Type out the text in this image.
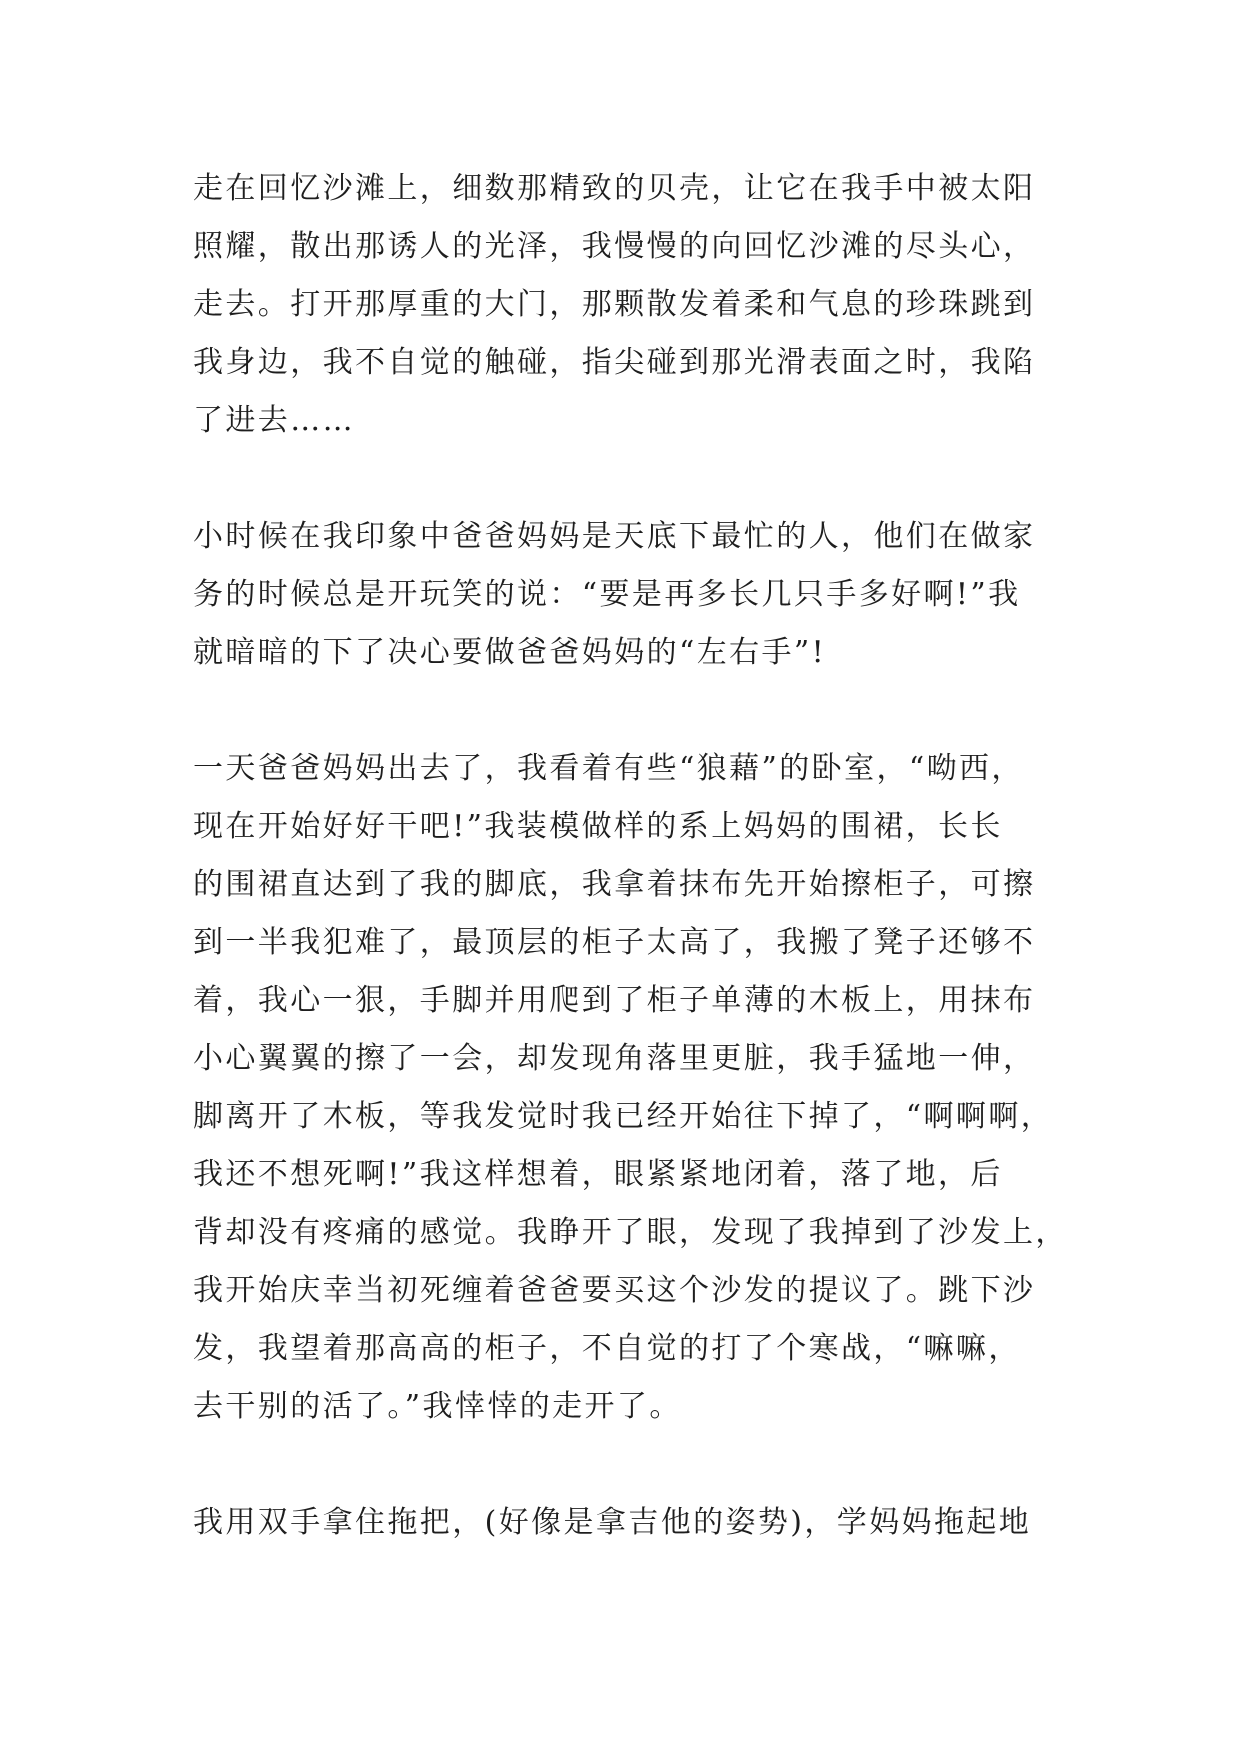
走在回忆沙滩上，细数那精致的贝壳，让它在我手中被太阳
照耀，散出那诱人的光泽，我慢慢的向回忆沙滩的尽头心，
走去。打开那厚重的大门，那颗散发着柔和气息的珍珠跳到
我身边，我不自觉的触碰，指尖碰到那光滑表面之时，我陷
了进去……
小时候在我印象中爸爸妈妈是天底下最忙的人，他们在做家
务的时候总是开玩笑的说：“要是再多长几只手多好啊!”我
就暗暗的下了决心要做爸爸妈妈的“左右手”!
一天爸爸妈妈出去了，我看着有些“狼藉”的卧室，“呦西，
现在开始好好干吧!”我装模做样的系上妈妈的围裙，长长
的围裙直达到了我的脚底，我拿着抹布先开始擦柜子，可擦
到一半我犯难了，最顶层的柜子太高了，我搬了凳子还够不
着，我心一狠，手脚并用爬到了柜子单薄的木板上，用抹布
小心翼翼的擦了一会，却发现角落里更脏，我手猛地一伸，
脚离开了木板，等我发觉时我已经开始往下掉了，“啊啊啊，
我还不想死啊!”我这样想着，眼紧紧地闭着，落了地，后
背却没有疼痛的感觉。我睁开了眼，发现了我掉到了沙发上，
我开始庆幸当初死缠着爸爸要买这个沙发的提议了。跳下沙
发，我望着那高高的柜子，不自觉的打了个寒战，“嘛嘛，
去干别的活了。”我悻悻的走开了。
我用双手拿住拖把，(好像是拿吉他的姿势)，学妈妈拖起地
